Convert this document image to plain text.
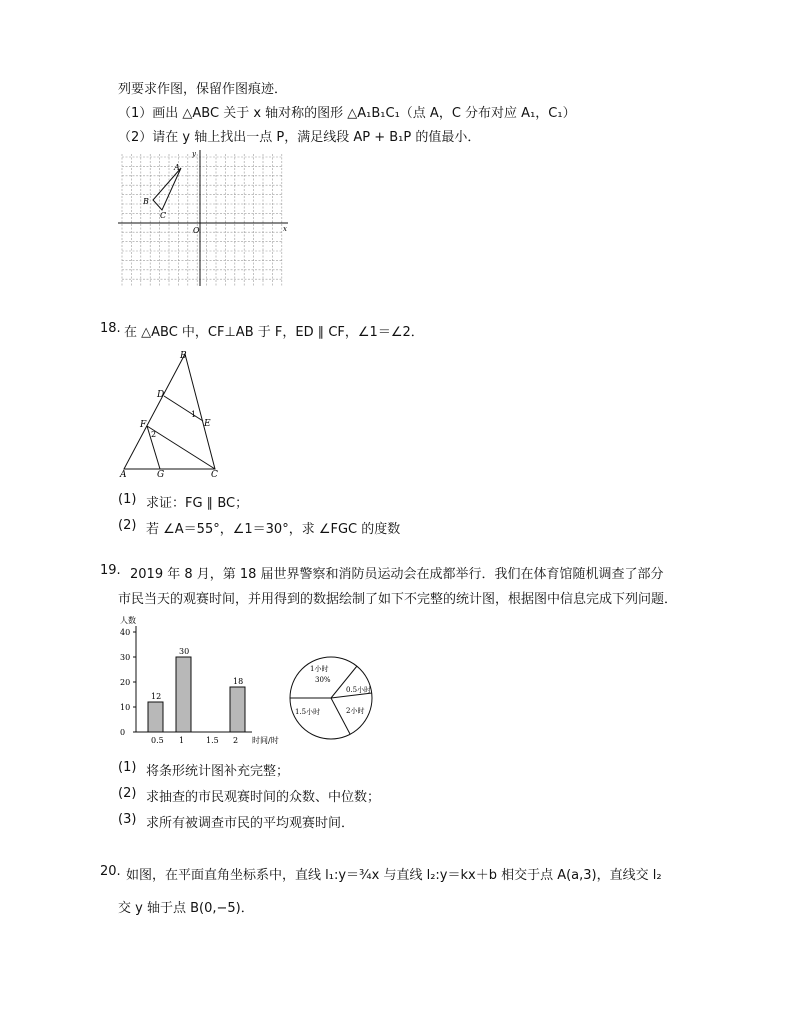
列要求作图，保留作图痕迹．
（1）画出 △ABC 关于 x 轴对称的图形 △A₁B₁C₁（点 A，C 分布对应 A₁，C₁）
（2）请在 y 轴上找出一点 P，满足线段 AP + B₁P 的值最小．
A
B
C
O	x
y
18. 在 △ABC 中，CF⊥AB 于 F，ED ∥ CF，∠1＝∠2．
B
D
F	E
1
2
A	G	C
(1) 求证：FG ∥ BC；
(2) 若 ∠A＝55°，∠1＝30°，求 ∠FGC 的度数
19. 2019 年 8 月，第 18 届世界警察和消防员运动会在成都举行．我们在体育馆随机调查了部分
市民当天的观赛时间，并用得到的数据绘制了如下不完整的统计图，根据图中信息完成下列问题．
人数
时间/时
0
10
20
30
40
0.5 1	1.5 2
12
30
18
1小时
30%
0.5小时
2小时
1.5小时
(1) 将条形统计图补充完整；
(2) 求抽查的市民观赛时间的众数、中位数；
(3) 求所有被调查市民的平均观赛时间．
20. 如图，在平面直角坐标系中，直线 l₁:y＝¾x 与直线 l₂:y＝kx＋b 相交于点 A(a,3)，直线交 l₂
交 y 轴于点 B(0,−5)．
